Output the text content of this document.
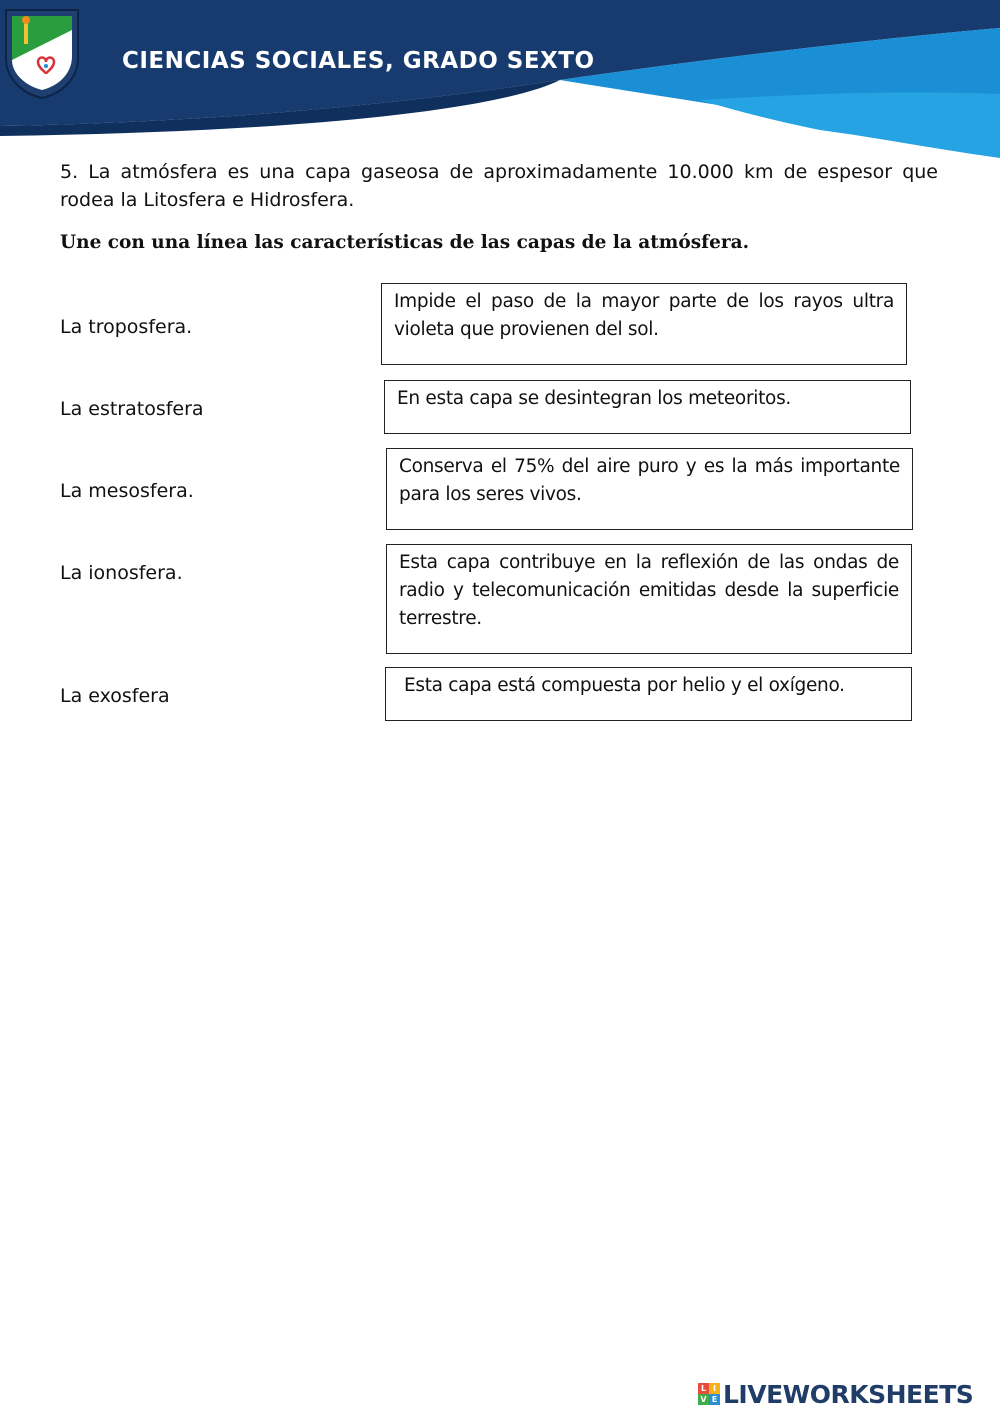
CIENCIAS SOCIALES, GRADO SEXTO
5. La atmósfera es una capa gaseosa de aproximadamente 10.000 km de espesor que rodea la Litosfera e Hidrosfera.
Une con una línea las características de las capas de la atmósfera.
La troposfera.
La estratosfera
La mesosfera.
La ionosfera.
La exosfera
Impide el paso de la mayor parte de los rayos ultra violeta que provienen del sol.
En esta capa se desintegran los meteoritos.
Conserva el 75% del aire puro y es la más importante para los seres vivos.
Esta capa contribuye en la reflexión de las ondas de radio y telecomunicación emitidas desde la superficie terrestre.
Esta capa está compuesta por helio y el oxígeno.
L I
V E LIVEWORKSHEETS
